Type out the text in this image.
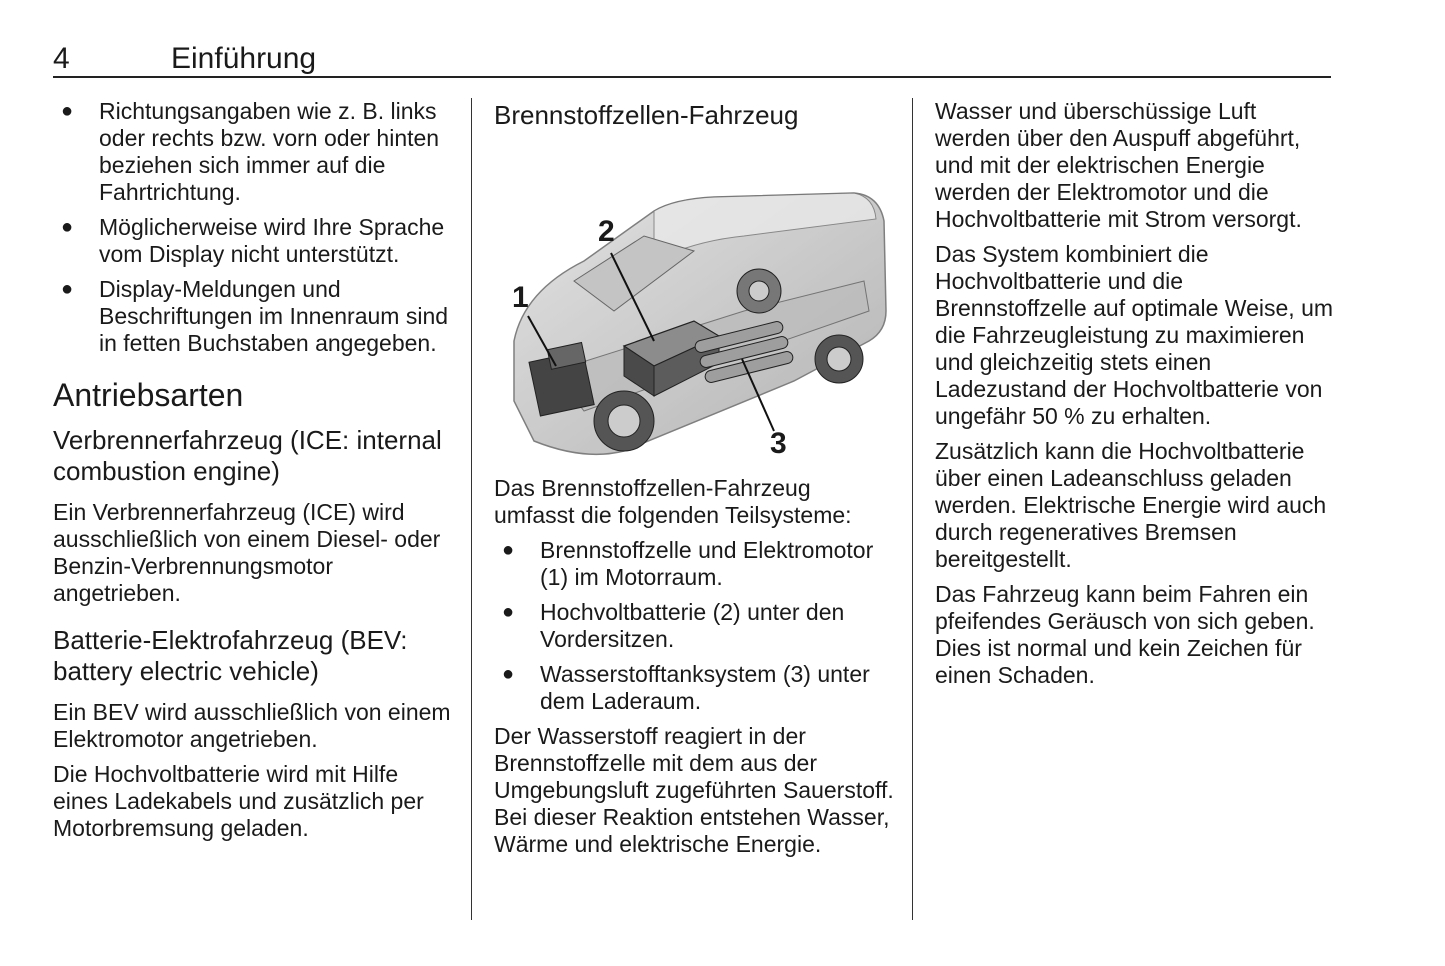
4	Einführung
● Richtungsangaben wie z. B. links oder rechts bzw. vorn oder hinten beziehen sich immer auf die Fahrtrichtung.
● Möglicherweise wird Ihre Sprache vom Display nicht unterstützt.
● Display-Meldungen und Beschriftungen im Innenraum sind in fetten Buchstaben angegeben.
Antriebsarten
Verbrennerfahrzeug (ICE: internal combustion engine)

Ein Verbrennerfahrzeug (ICE) wird ausschließlich von einem Diesel- oder Benzin-Verbrennungsmotor angetrieben.

Batterie-Elektrofahrzeug (BEV: battery electric vehicle)

Ein BEV wird ausschließlich von einem Elektromotor angetrieben.

Die Hochvoltbatterie wird mit Hilfe eines Ladekabels und zusätzlich per Motorbremsung geladen.

Brennstoffzellen-Fahrzeug
1
2
3

Das Brennstoffzellen-Fahrzeug umfasst die folgenden Teilsysteme:

● Brennstoffzelle und Elektromotor (1) im Motorraum.
● Hochvoltbatterie (2) unter den Vordersitzen.
● Wasserstofftanksystem (3) unter dem Laderaum.

Der Wasserstoff reagiert in der Brennstoffzelle mit dem aus der Umgebungsluft zugeführten Sauerstoff. Bei dieser Reaktion entstehen Wasser, Wärme und elektrische Energie.

Wasser und überschüssige Luft werden über den Auspuff abgeführt, und mit der elektrischen Energie werden der Elektromotor und die Hochvoltbatterie mit Strom versorgt.

Das System kombiniert die Hochvoltbatterie und die Brennstoffzelle auf optimale Weise, um die Fahrzeugleistung zu maximieren und gleichzeitig stets einen Ladezustand der Hochvoltbatterie von ungefähr 50 % zu erhalten.

Zusätzlich kann die Hochvoltbatterie über einen Ladeanschluss geladen werden. Elektrische Energie wird auch durch regeneratives Bremsen bereitgestellt.

Das Fahrzeug kann beim Fahren ein pfeifendes Geräusch von sich geben. Dies ist normal und kein Zeichen für einen Schaden.
